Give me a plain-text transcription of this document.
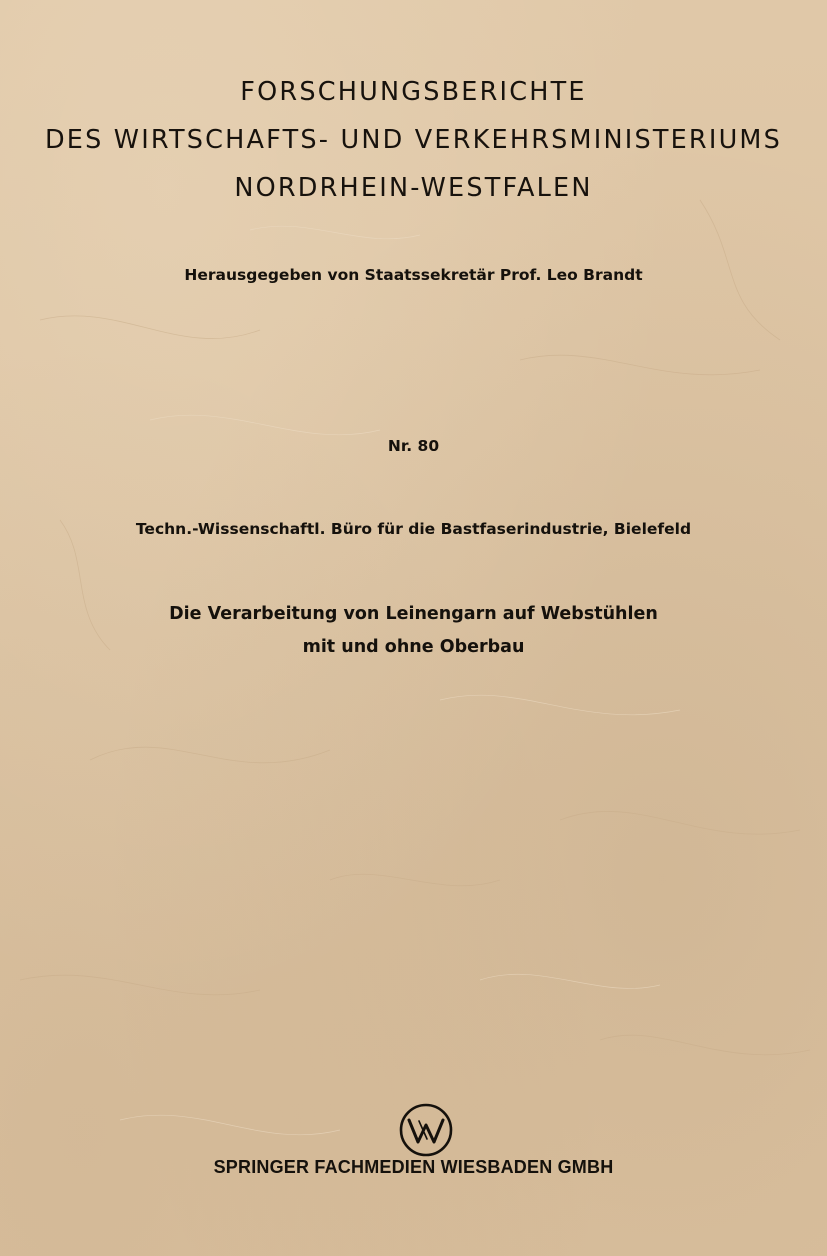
FORSCHUNGSBERICHTE
DES WIRTSCHAFTS- UND VERKEHRSMINISTERIUMS
NORDRHEIN-WESTFALEN
Herausgegeben von Staatssekretär Prof. Leo Brandt
Nr. 80
Techn.-Wissenschaftl. Büro für die Bastfaserindustrie, Bielefeld
Die Verarbeitung von Leinengarn auf Webstühlen
mit und ohne Oberbau
SPRINGER FACHMEDIEN WIESBADEN GMBH
